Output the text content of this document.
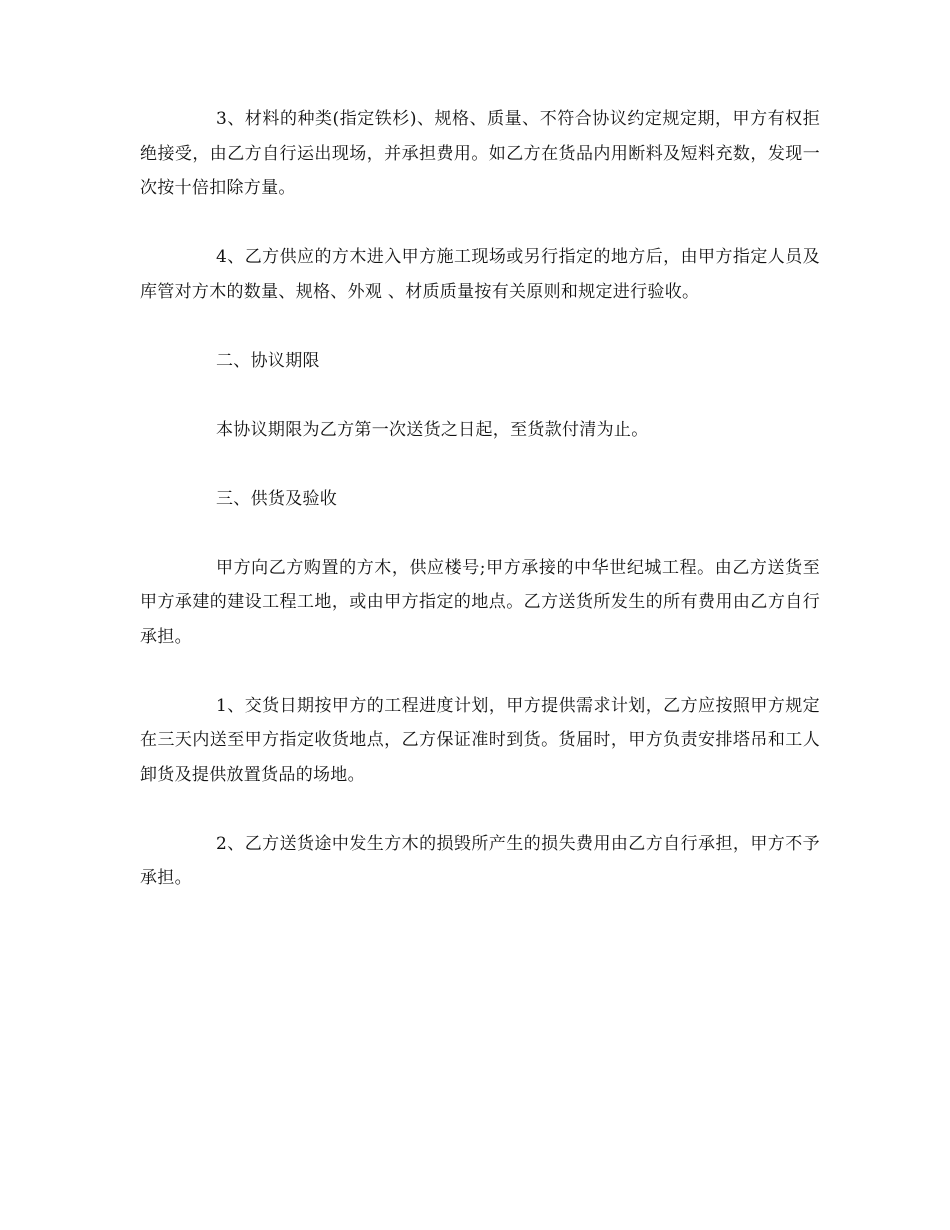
3、材料的种类(指定铁杉)、规格、质量、不符合协议约定规定期，甲方有权拒绝接受，由乙方自行运出现场，并承担费用。如乙方在货品内用断料及短料充数，发现一次按十倍扣除方量。

4、乙方供应的方木进入甲方施工现场或另行指定的地方后，由甲方指定人员及库管对方木的数量、规格、外观 、材质质量按有关原则和规定进行验收。

二、协议期限

本协议期限为乙方第一次送货之日起，至货款付清为止。

三、供货及验收

甲方向乙方购置的方木，供应楼号;甲方承接的中华世纪城工程。由乙方送货至甲方承建的建设工程工地，或由甲方指定的地点。乙方送货所发生的所有费用由乙方自行承担。

1、交货日期按甲方的工程进度计划，甲方提供需求计划，乙方应按照甲方规定在三天内送至甲方指定收货地点，乙方保证准时到货。货届时，甲方负责安排塔吊和工人卸货及提供放置货品的场地。

2、乙方送货途中发生方木的损毁所产生的损失费用由乙方自行承担，甲方不予承担。
